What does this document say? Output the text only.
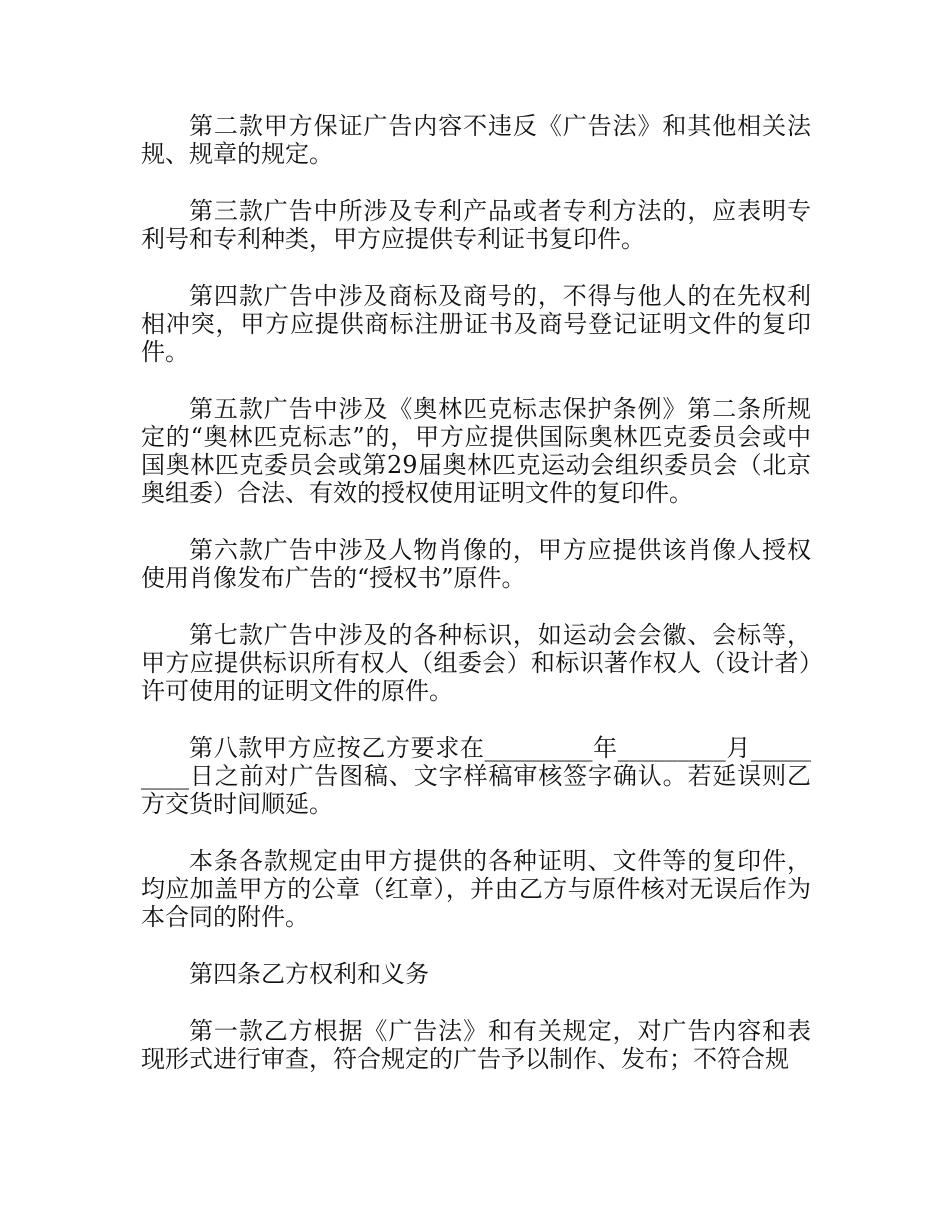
第二款甲方保证广告内容不违反《广告法》和其他相关法规、规章的规定。

第三款广告中所涉及专利产品或者专利方法的，应表明专利号和专利种类，甲方应提供专利证书复印件。

第四款广告中涉及商标及商号的，不得与他人的在先权利相冲突，甲方应提供商标注册证书及商号登记证明文件的复印件。

第五款广告中涉及《奥林匹克标志保护条例》第二条所规定的“奥林匹克标志”的，甲方应提供国际奥林匹克委员会或中国奥林匹克委员会或第29届奥林匹克运动会组织委员会（北京奥组委）合法、有效的授权使用证明文件的复印件。

第六款广告中涉及人物肖像的，甲方应提供该肖像人授权使用肖像发布广告的“授权书”原件。

第七款广告中涉及的各种标识，如运动会会徽、会标等，甲方应提供标识所有权人（组委会）和标识著作权人（设计者）许可使用的证明文件的原件。

第八款甲方应按乙方要求在_________年_________月_________日之前对广告图稿、文字样稿审核签字确认。若延误则乙方交货时间顺延。

本条各款规定由甲方提供的各种证明、文件等的复印件，均应加盖甲方的公章（红章），并由乙方与原件核对无误后作为本合同的附件。

第四条乙方权利和义务

第一款乙方根据《广告法》和有关规定，对广告内容和表现形式进行审查，符合规定的广告予以制作、发布；不符合规
